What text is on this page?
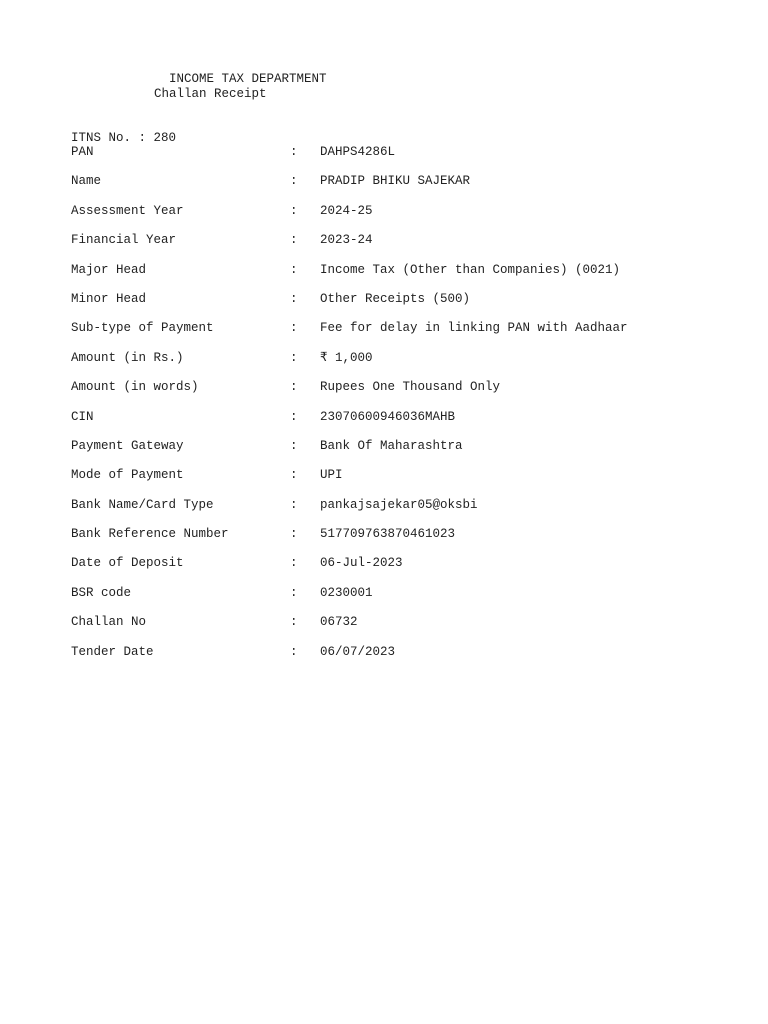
INCOME TAX DEPARTMENT
Challan Receipt
ITNS No. : 280
PAN	: DAHPS4286L
Name	: PRADIP BHIKU SAJEKAR
Assessment Year	: 2024-25
Financial Year	: 2023-24
Major Head	: Income Tax (Other than Companies) (0021)
Minor Head	: Other Receipts (500)
Sub-type of Payment	: Fee for delay in linking PAN with Aadhaar
Amount (in Rs.)	: ₹ 1,000
Amount (in words)	: Rupees One Thousand Only
CIN	: 23070600946036MAHB
Payment Gateway	: Bank Of Maharashtra
Mode of Payment	: UPI
Bank Name/Card Type	: pankajsajekar05@oksbi
Bank Reference Number	: 517709763870461023
Date of Deposit	: 06-Jul-2023
BSR code	: 0230001
Challan No	: 06732
Tender Date	: 06/07/2023
